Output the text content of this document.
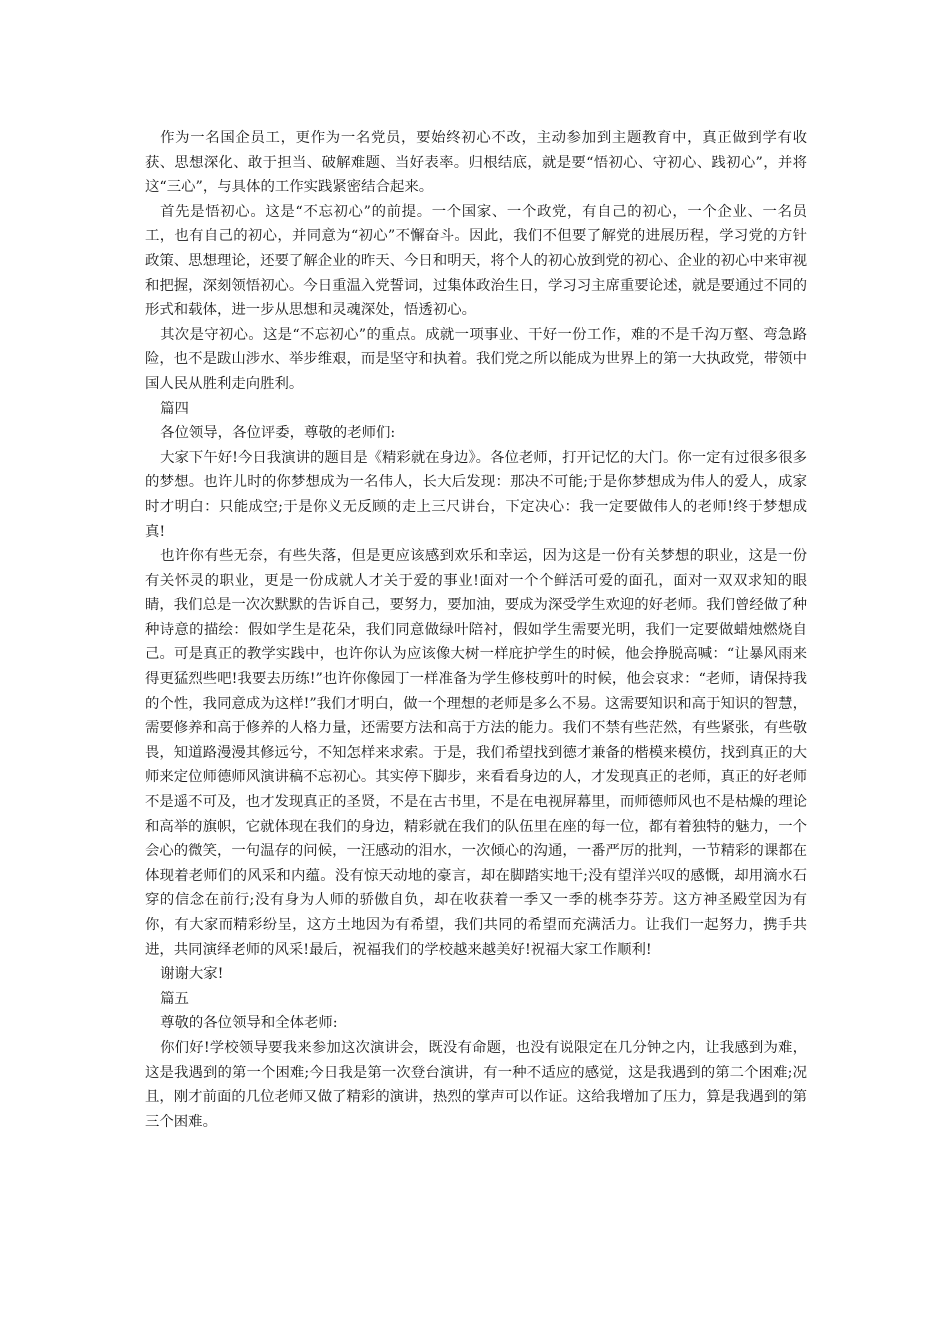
作为一名国企员工，更作为一名党员，要始终初心不改，主动参加到主题教育中，真正做到学有收获、思想深化、敢于担当、破解难题、当好表率。归根结底，就是要“悟初心、守初心、践初心”，并将这“三心”，与具体的工作实践紧密结合起来。

首先是悟初心。这是“不忘初心”的前提。一个国家、一个政党，有自己的初心，一个企业、一名员工，也有自己的初心，并同意为“初心”不懈奋斗。因此，我们不但要了解党的进展历程，学习党的方针政策、思想理论，还要了解企业的昨天、今日和明天，将个人的初心放到党的初心、企业的初心中来审视和把握，深刻领悟初心。今日重温入党誓词，过集体政治生日，学习习主席重要论述，就是要通过不同的形式和载体，进一步从思想和灵魂深处，悟透初心。

其次是守初心。这是“不忘初心”的重点。成就一项事业、干好一份工作，难的不是千沟万壑、弯急路险，也不是跋山涉水、举步维艰，而是坚守和执着。我们党之所以能成为世界上的第一大执政党，带领中国人民从胜利走向胜利。

篇四

各位领导，各位评委，尊敬的老师们:

大家下午好!今日我演讲的题目是《精彩就在身边》。各位老师，打开记忆的大门。你一定有过很多很多的梦想。也许儿时的你梦想成为一名伟人，长大后发现：那决不可能;于是你梦想成为伟人的爱人，成家时才明白：只能成空;于是你义无反顾的走上三尺讲台，下定决心：我一定要做伟人的老师!终于梦想成真!

也许你有些无奈，有些失落，但是更应该感到欢乐和幸运，因为这是一份有关梦想的职业，这是一份有关怀灵的职业，更是一份成就人才关于爱的事业!面对一个个鲜活可爱的面孔，面对一双双求知的眼睛，我们总是一次次默默的告诉自己，要努力，要加油，要成为深受学生欢迎的好老师。我们曾经做了种种诗意的描绘：假如学生是花朵，我们同意做绿叶陪衬，假如学生需要光明，我们一定要做蜡烛燃烧自己。可是真正的教学实践中，也许你认为应该像大树一样庇护学生的时候，他会挣脱高喊：“让暴风雨来得更猛烈些吧!我要去历练!”也许你像园丁一样准备为学生修枝剪叶的时候，他会哀求：“老师，请保持我的个性，我同意成为这样!”我们才明白，做一个理想的老师是多么不易。这需要知识和高于知识的智慧，需要修养和高于修养的人格力量，还需要方法和高于方法的能力。我们不禁有些茫然，有些紧张，有些敬畏，知道路漫漫其修远兮，不知怎样来求索。于是，我们希望找到德才兼备的楷模来模仿，找到真正的大师来定位师德师风演讲稿不忘初心。其实停下脚步，来看看身边的人，才发现真正的老师，真正的好老师不是遥不可及，也才发现真正的圣贤，不是在古书里，不是在电视屏幕里，而师德师风也不是枯燥的理论和高举的旗帜，它就体现在我们的身边，精彩就在我们的队伍里在座的每一位，都有着独特的魅力，一个会心的微笑，一句温存的问候，一汪感动的泪水，一次倾心的沟通，一番严厉的批判，一节精彩的课都在体现着老师们的风采和内蕴。没有惊天动地的豪言，却在脚踏实地干;没有望洋兴叹的感慨，却用滴水石穿的信念在前行;没有身为人师的骄傲自负，却在收获着一季又一季的桃李芬芳。这方神圣殿堂因为有你，有大家而精彩纷呈，这方土地因为有希望，我们共同的希望而充满活力。让我们一起努力，携手共进，共同演绎老师的风采!最后，祝福我们的学校越来越美好!祝福大家工作顺利!

谢谢大家!

篇五

尊敬的各位领导和全体老师:

你们好!学校领导要我来参加这次演讲会，既没有命题，也没有说限定在几分钟之内，让我感到为难，这是我遇到的第一个困难;今日我是第一次登台演讲，有一种不适应的感觉，这是我遇到的第二个困难;况且，刚才前面的几位老师又做了精彩的演讲，热烈的掌声可以作证。这给我增加了压力，算是我遇到的第三个困难。
